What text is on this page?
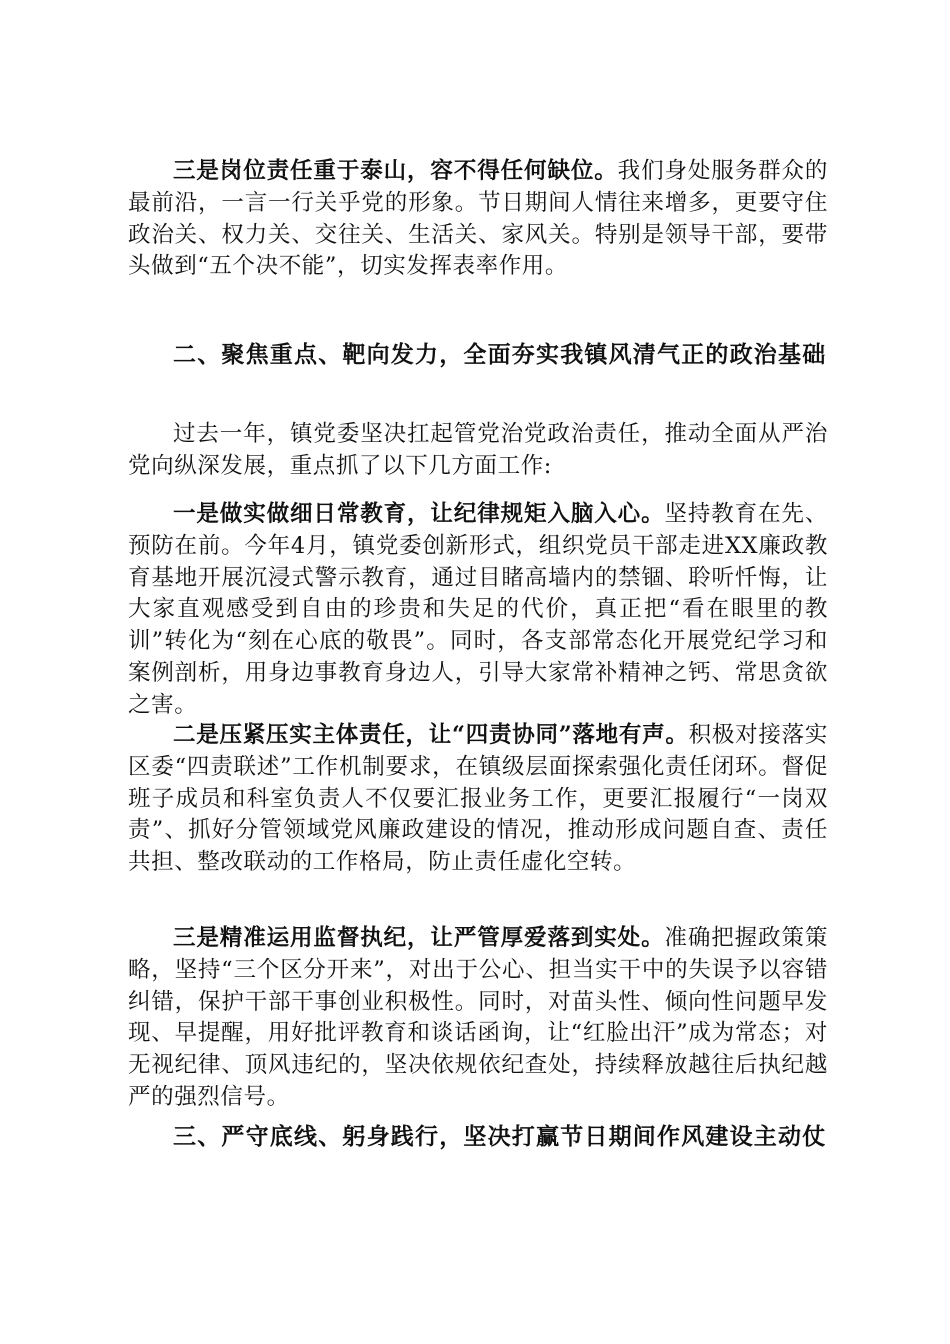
三是岗位责任重于泰山，容不得任何缺位。我们身处服务群众的最前沿，一言一行关乎党的形象。节日期间人情往来增多，更要守住政治关、权力关、交往关、生活关、家风关。特别是领导干部，要带头做到“五个决不能”，切实发挥表率作用。

二、聚焦重点、靶向发力，全面夯实我镇风清气正的政治基础

过去一年，镇党委坚决扛起管党治党政治责任，推动全面从严治党向纵深发展，重点抓了以下几方面工作:

一是做实做细日常教育，让纪律规矩入脑入心。坚持教育在先、预防在前。今年4月，镇党委创新形式，组织党员干部走进XX廉政教育基地开展沉浸式警示教育，通过目睹高墙内的禁锢、聆听忏悔，让大家直观感受到自由的珍贵和失足的代价，真正把“看在眼里的教训”转化为“刻在心底的敬畏”。同时，各支部常态化开展党纪学习和案例剖析，用身边事教育身边人，引导大家常补精神之钙、常思贪欲之害。

二是压紧压实主体责任，让“四责协同”落地有声。积极对接落实区委“四责联述”工作机制要求，在镇级层面探索强化责任闭环。督促班子成员和科室负责人不仅要汇报业务工作，更要汇报履行“一岗双责”、抓好分管领域党风廉政建设的情况，推动形成问题自查、责任共担、整改联动的工作格局，防止责任虚化空转。

三是精准运用监督执纪，让严管厚爱落到实处。准确把握政策策略，坚持“三个区分开来”，对出于公心、担当实干中的失误予以容错纠错，保护干部干事创业积极性。同时，对苗头性、倾向性问题早发现、早提醒，用好批评教育和谈话函询，让“红脸出汗”成为常态；对无视纪律、顶风违纪的，坚决依规依纪查处，持续释放越往后执纪越严的强烈信号。

三、严守底线、躬身践行，坚决打赢节日期间作风建设主动仗
